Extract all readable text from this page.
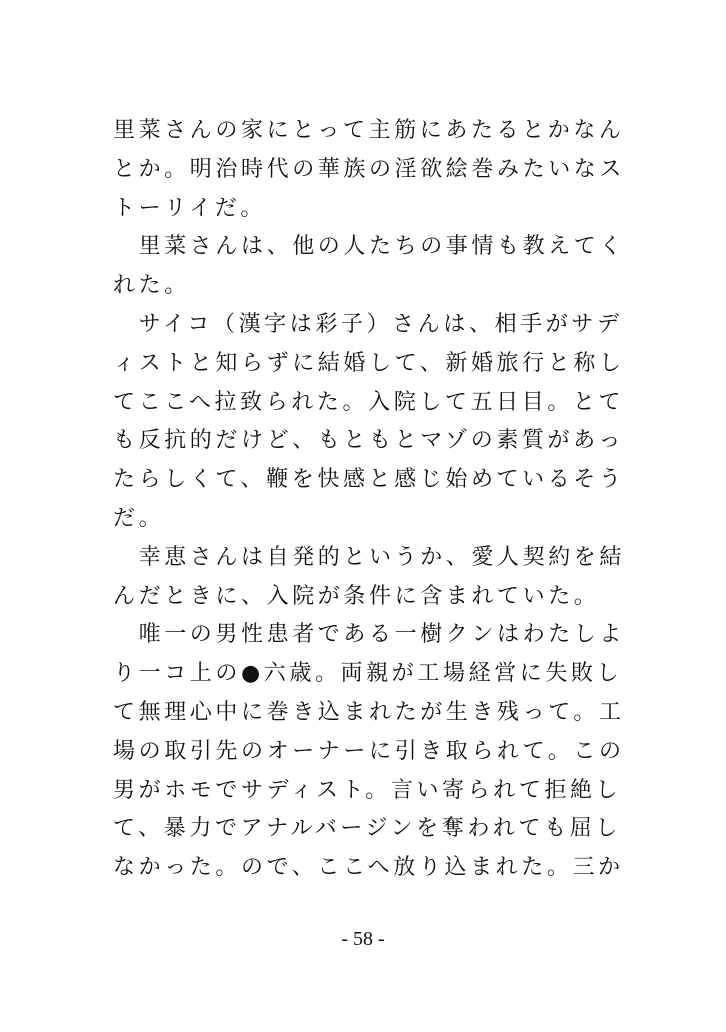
里菜さんの家にとって主筋にあたるとかなん
とか。明治時代の華族の淫欲絵巻みたいなス
トーリイだ。
　里菜さんは、他の人たちの事情も教えてく
れた。
　サイコ（漢字は彩子）さんは、相手がサデ
ィストと知らずに結婚して、新婚旅行と称し
てここへ拉致られた。入院して五日目。とて
も反抗的だけど、もともとマゾの素質があっ
たらしくて、鞭を快感と感じ始めているそう
だ。
　幸恵さんは自発的というか、愛人契約を結
んだときに、入院が条件に含まれていた。
　唯一の男性患者である一樹クンはわたしよ
り一コ上の●六歳。両親が工場経営に失敗し
て無理心中に巻き込まれたが生き残って。工
場の取引先のオーナーに引き取られて。この
男がホモでサディスト。言い寄られて拒絶し
て、暴力でアナルバージンを奪われても屈し
なかった。ので、ここへ放り込まれた。三か
- 58 -
